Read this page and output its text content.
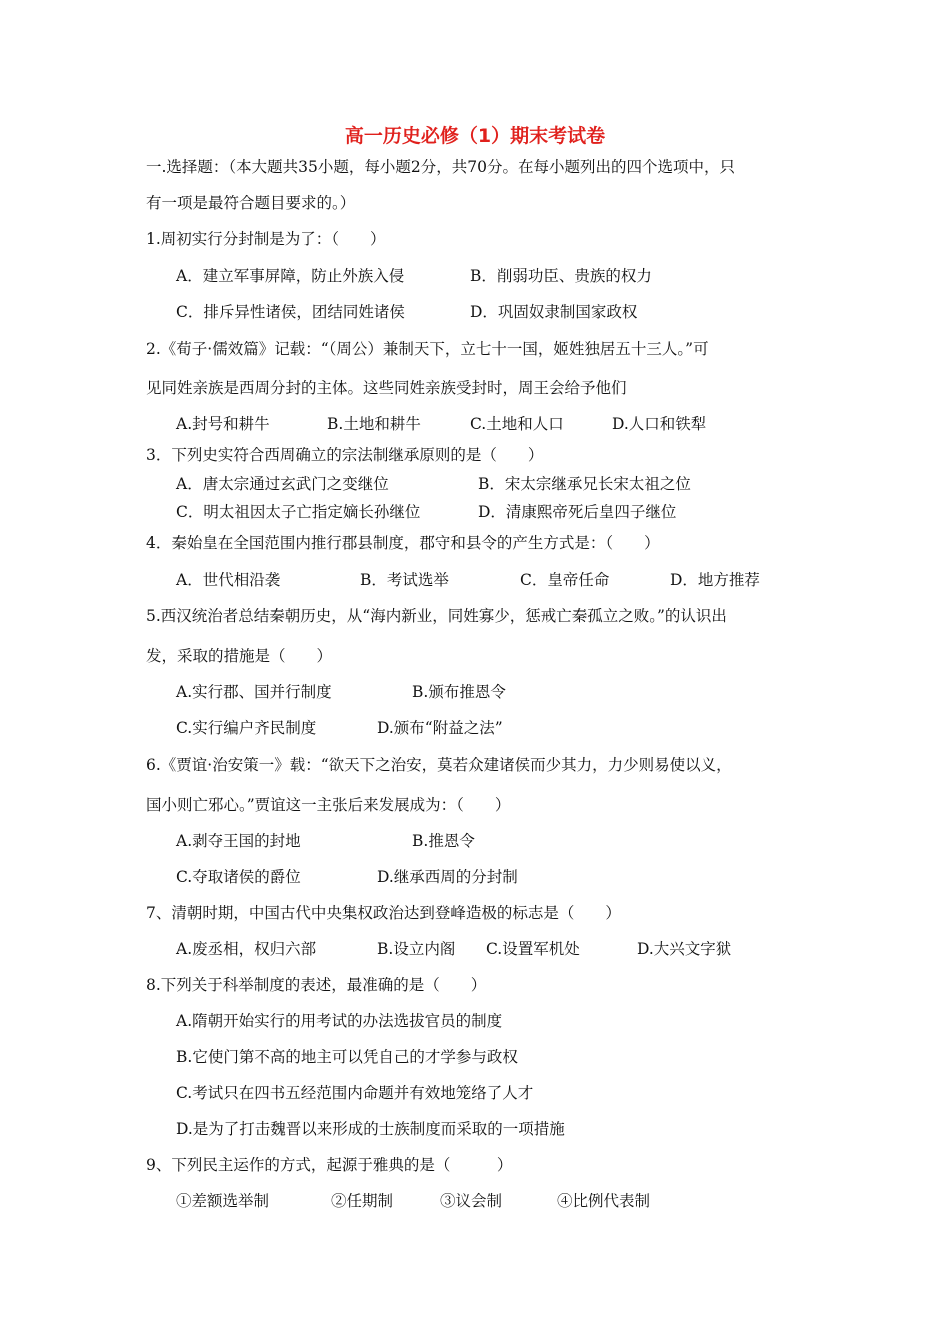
高一历史必修（1）期末考试卷
一.选择题：（本大题共35小题，每小题2分，共70分。在每小题列出的四个选项中，只
有一项是最符合题目要求的。）
1.周初实行分封制是为了：（　　）
A．建立军事屏障，防止外族入侵	B．削弱功臣、贵族的权力
C．排斥异性诸侯，团结同姓诸侯	D．巩固奴隶制国家政权
2.《荀子·儒效篇》记载：“（周公）兼制天下，立七十一国，姬姓独居五十三人。”可
见同姓亲族是西周分封的主体。这些同姓亲族受封时，周王会给予他们
A.封号和耕牛	B.土地和耕牛	C.土地和人口	D.人口和铁犁
3．下列史实符合西周确立的宗法制继承原则的是（　　）
A．唐太宗通过玄武门之变继位	B．宋太宗继承兄长宋太祖之位
C．明太祖因太子亡指定嫡长孙继位	D．清康熙帝死后皇四子继位
4．秦始皇在全国范围内推行郡县制度，郡守和县令的产生方式是：（　　）
A．世代相沿袭	B．考试选举	C．皇帝任命	D．地方推荐
5.西汉统治者总结秦朝历史，从“海内新业，同姓寡少，惩戒亡秦孤立之败。”的认识出
发，采取的措施是（　　）
A.实行郡、国并行制度	B.颁布推恩令
C.实行编户齐民制度	D.颁布“附益之法”
6.《贾谊·治安策一》载：“欲天下之治安，莫若众建诸侯而少其力，力少则易使以义，
国小则亡邪心。”贾谊这一主张后来发展成为：（　　）
A.剥夺王国的封地	B.推恩令
C.夺取诸侯的爵位	D.继承西周的分封制
7、清朝时期，中国古代中央集权政治达到登峰造极的标志是（　　）
A.废丞相，权归六部	B.设立内阁 C.设置军机处	D.大兴文字狱
8.下列关于科举制度的表述，最准确的是（　　）
A.隋朝开始实行的用考试的办法选拔官员的制度
B.它使门第不高的地主可以凭自己的才学参与政权
C.考试只在四书五经范围内命题并有效地笼络了人才
D.是为了打击魏晋以来形成的士族制度而采取的一项措施
9、下列民主运作的方式，起源于雅典的是（　　　）
①差额选举制	②任期制	③议会制	④比例代表制
